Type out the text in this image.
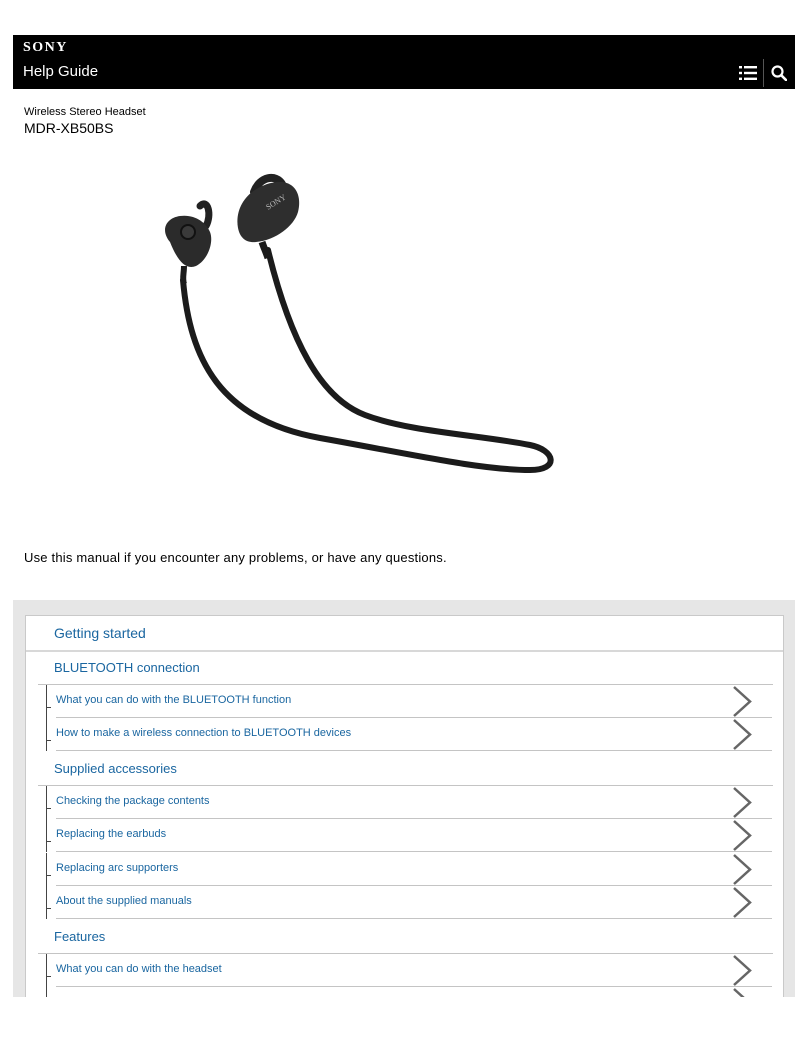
SONY
Help Guide
Wireless Stereo Headset
MDR-XB50BS
SONY
Use this manual if you encounter any problems, or have any questions.
Getting started
BLUETOOTH connection
What you can do with the BLUETOOTH function
How to make a wireless connection to BLUETOOTH devices
Supplied accessories
Checking the package contents
Replacing the earbuds
Replacing arc supporters
About the supplied manuals
Features
What you can do with the headset
